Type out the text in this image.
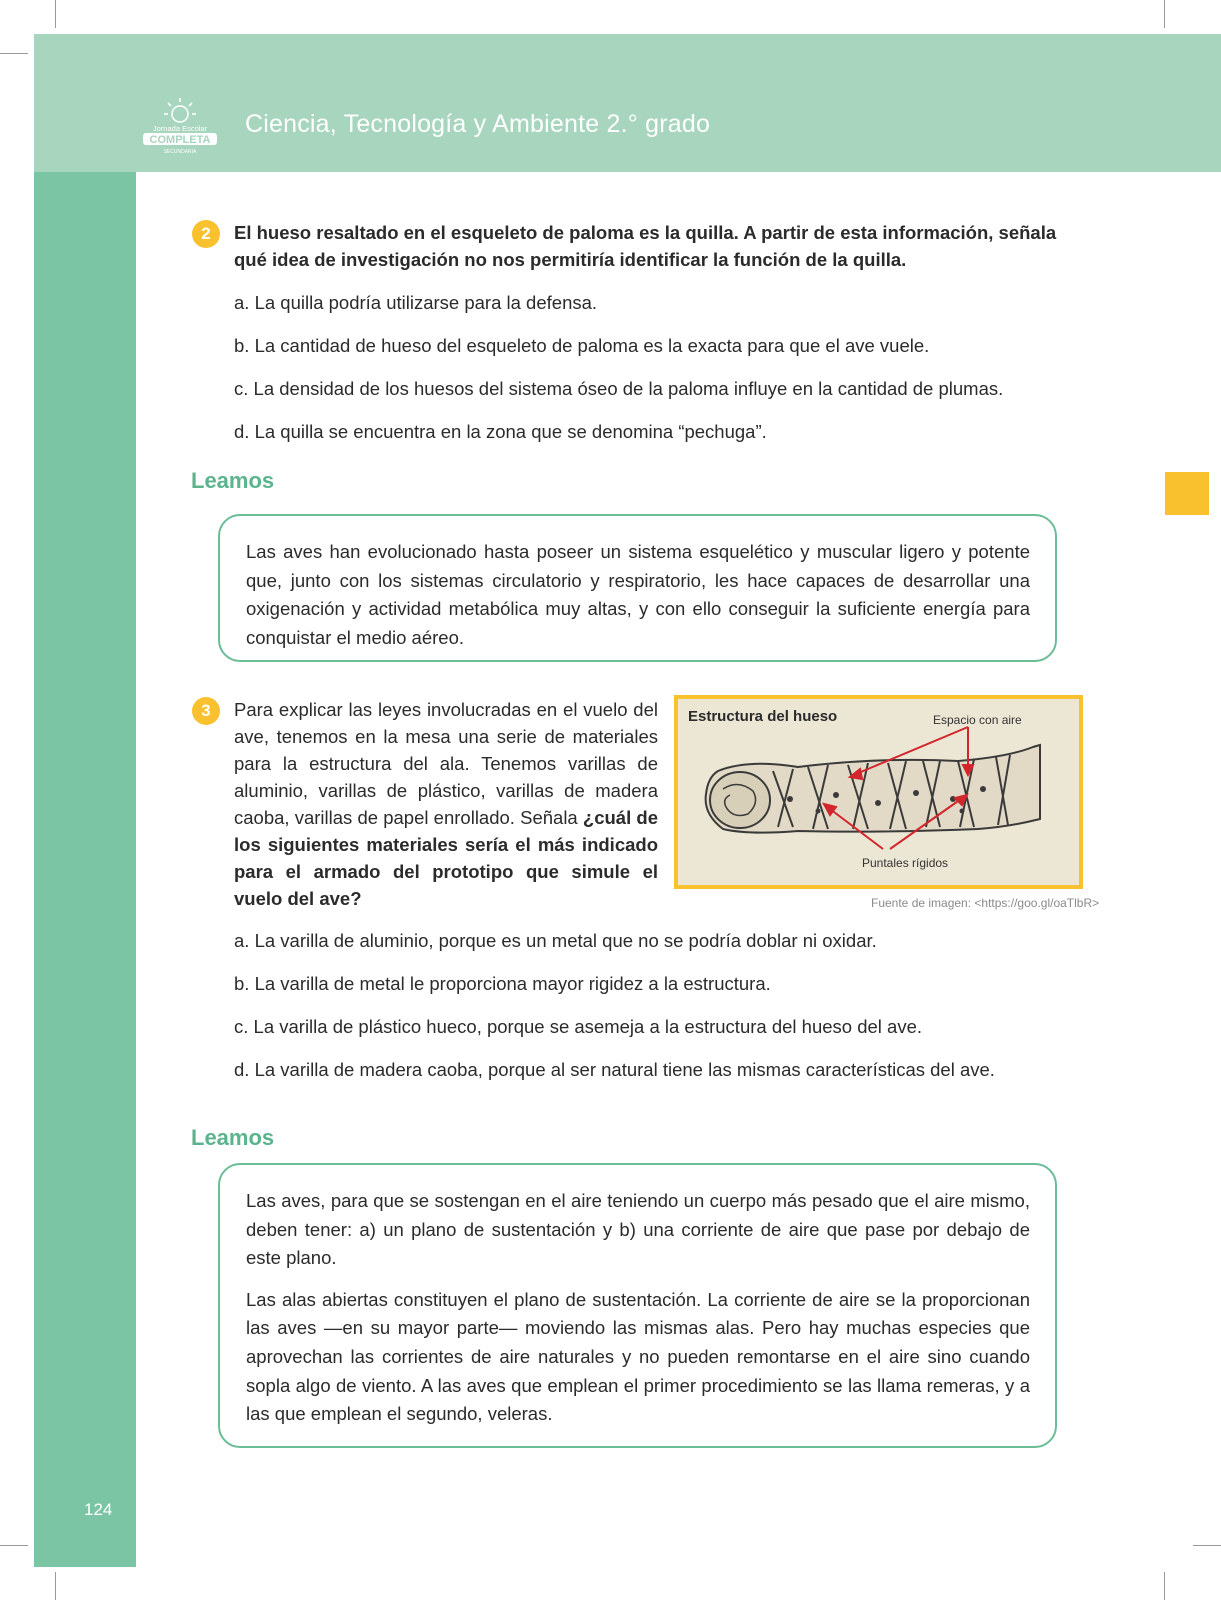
Jornada Escolar
COMPLETA
SECUNDARIA
Ciencia, Tecnología y Ambiente 2.° grado
124
2	El hueso resaltado en el esqueleto de paloma es la quilla. A partir de esta información, señala qué idea de investigación no nos permitiría identificar la función de la quilla.
a. La quilla podría utilizarse para la defensa.
b. La cantidad de hueso del esqueleto de paloma es la exacta para que el ave vuele.
c. La densidad de los huesos del sistema óseo de la paloma influye en la cantidad de plumas.
d. La quilla se encuentra en la zona que se denomina “pechuga”.
Leamos

Las aves han evolucionado hasta poseer un sistema esquelético y muscular ligero y potente que, junto con los sistemas circulatorio y respiratorio, les hace capaces de desarrollar una oxigenación y actividad metabólica muy altas, y con ello conseguir la suficiente energía para conquistar el medio aéreo.

3	Para explicar las leyes involucradas en el vuelo del ave, tenemos en la mesa una serie de materiales para la estructura del ala. Tenemos varillas de aluminio, varillas de plástico, varillas de madera caoba, varillas de papel enrollado. Señala ¿cuál de los siguientes materiales sería el más indicado para el armado del prototipo que simule el vuelo del ave?
Estructura del hueso	Espacio con aire
Puntales rígidos
Fuente de imagen: <https://goo.gl/oaTlbR>
a. La varilla de aluminio, porque es un metal que no se podría doblar ni oxidar.
b. La varilla de metal le proporciona mayor rigidez a la estructura.
c. La varilla de plástico hueco, porque se asemeja a la estructura del hueso del ave.
d. La varilla de madera caoba, porque al ser natural tiene las mismas características del ave.
Leamos

Las aves, para que se sostengan en el aire teniendo un cuerpo más pesado que el aire mismo, deben tener: a) un plano de sustentación y b) una corriente de aire que pase por debajo de este plano.

Las alas abiertas constituyen el plano de sustentación. La corriente de aire se la proporcionan las aves —en su mayor parte— moviendo las mismas alas. Pero hay muchas especies que aprovechan las corrientes de aire naturales y no pueden remontarse en el aire sino cuando sopla algo de viento. A las aves que emplean el primer procedimiento se las llama remeras, y a las que emplean el segundo, veleras.
